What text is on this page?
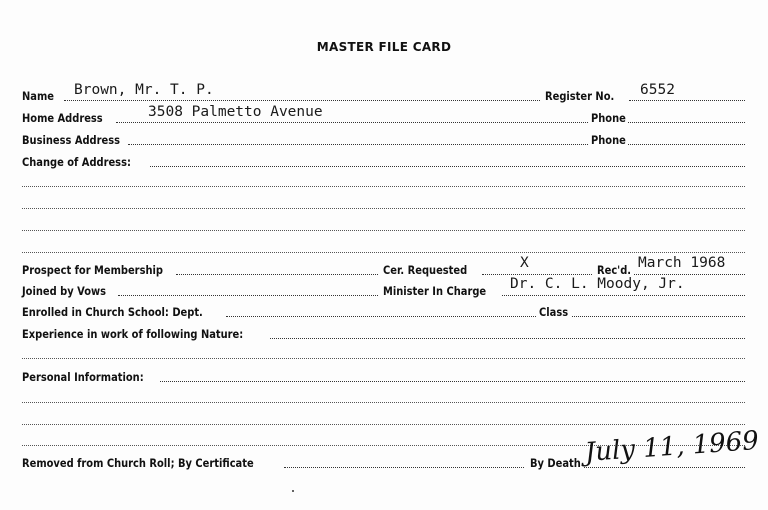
MASTER FILE CARD
Name Brown, Mr. T. P.	Register No. 6552
Home Address	3508 Palmetto Avenue	Phone
Business Address	Phone
Change of Address:
Prospect for Membership	Cer. Requested	X	Rec'd. March 1968
Joined by Vows	Minister In Charge Dr. C. L. Moody, Jr.
Enrolled in Church School: Dept.	Class
Experience in work of following Nature:
Personal Information:
Removed from Church Roll; By Certificate	By Death July 11, 1969
